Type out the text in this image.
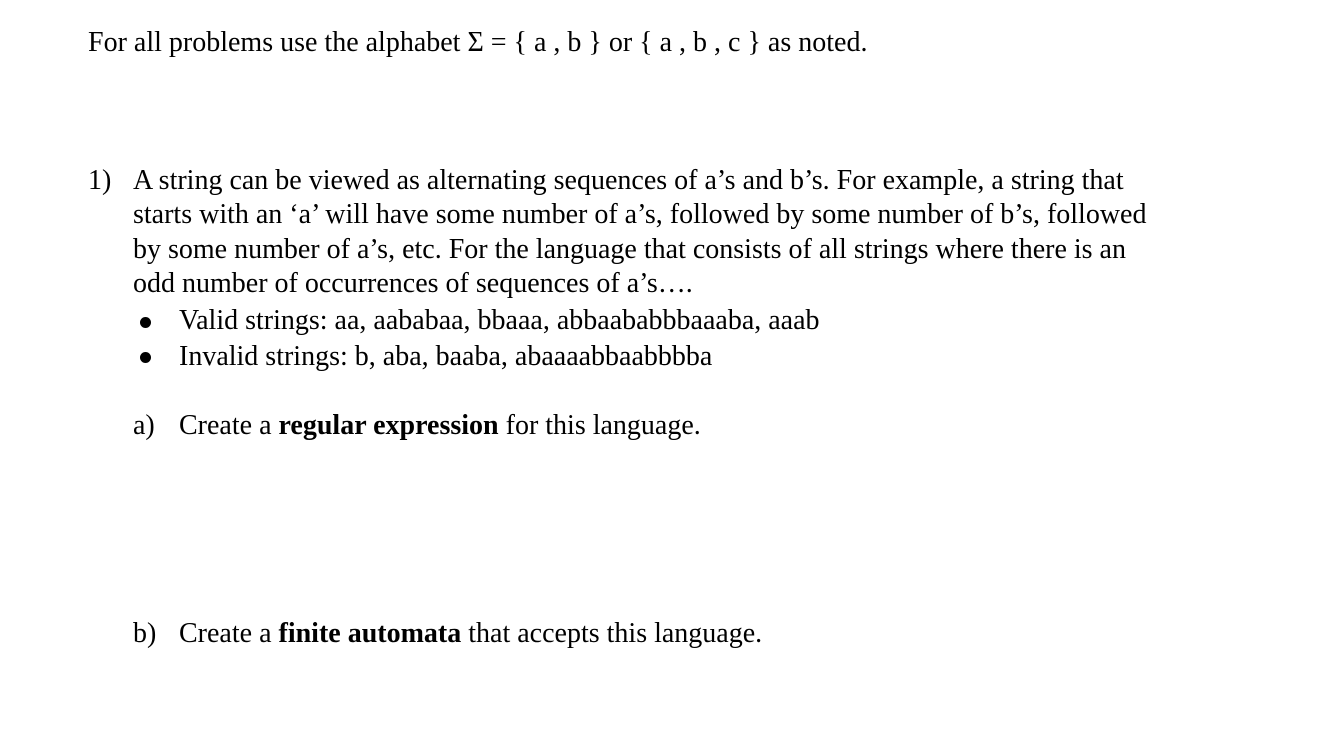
For all problems use the alphabet Σ = { a , b } or { a , b , c } as noted.
1) A string can be viewed as alternating sequences of a’s and b’s. For example, a string that
starts with an ‘a’ will have some number of a’s, followed by some number of b’s, followed
by some number of a’s, etc. For the language that consists of all strings where there is an
odd number of occurrences of sequences of a’s….
Valid strings: aa, aababaa, bbaaa, abbaababbbaaaba, aaab
Invalid strings: b, aba, baaba, abaaaabbaabbbba
a) Create a regular expression for this language.
b) Create a finite automata that accepts this language.
